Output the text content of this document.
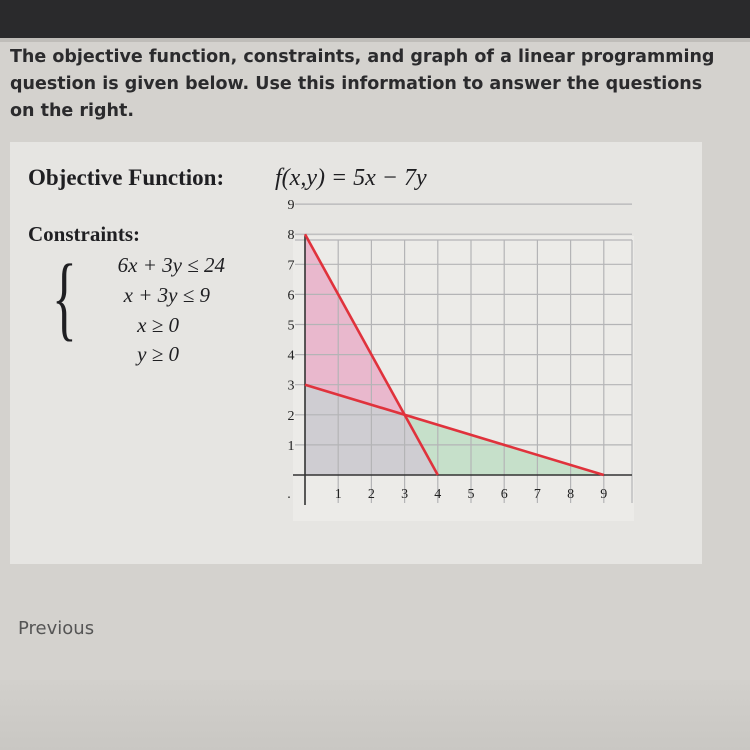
The objective function, constraints, and graph of a linear programming question is given below. Use this information to answer the questions on the right.
Objective Function: f(x,y) = 5x − 7y
Constraints:
{	6x + 3y ≤ 24
x + 3y ≤ 9
x ≥ 0
y ≥ 0
1 2 3 4 5 6 7 8 9
1
2
3
4
5
6
7
8
9
.
Previous
